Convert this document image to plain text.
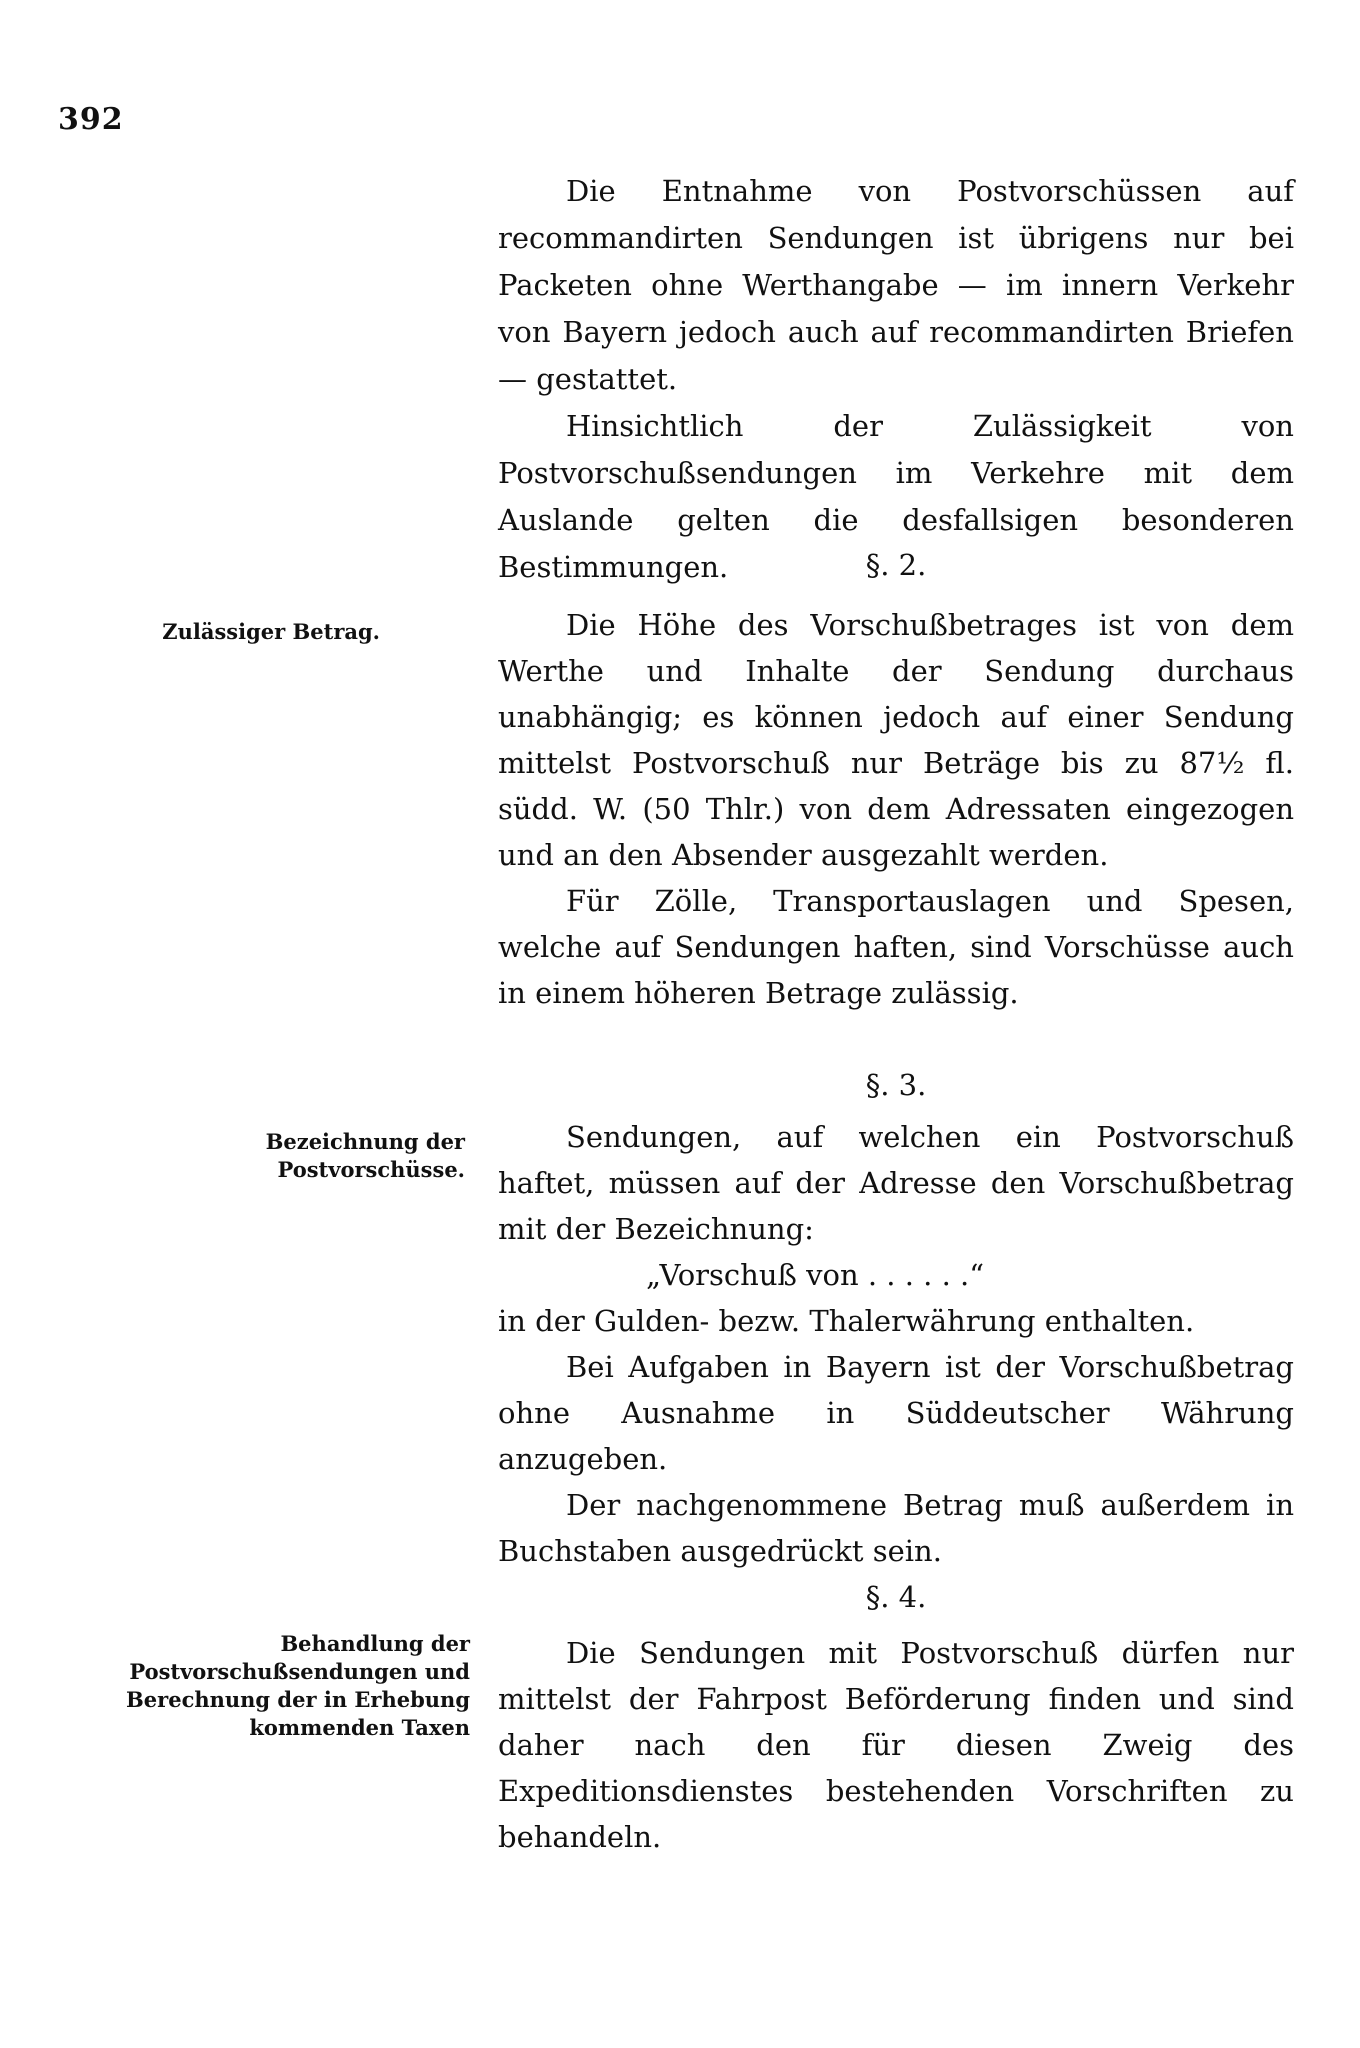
392

Die Entnahme von Postvorschüssen auf recommandirten Sendungen ist übrigens nur bei Packeten ohne Werthangabe — im innern Verkehr von Bayern jedoch auch auf recommandirten Briefen — gestattet.

Hinsichtlich der Zulässigkeit von Postvorschußsendungen im Verkehre mit dem Auslande gelten die desfallsigen besonderen Bestimmungen.	§. 2.
Zulässiger Betrag.	Die Höhe des Vorschußbetrages ist von dem Werthe und Inhalte der Sendung durchaus unabhängig; es können jedoch auf einer Sendung mittelst Postvorschuß nur Beträge bis zu 87½ fl. südd. W. (50 Thlr.) von dem Adressaten eingezogen und an den Absender ausgezahlt werden.

Für Zölle, Transportauslagen und Spesen, welche auf Sendungen haften, sind Vorschüsse auch in einem höheren Betrage zulässig.

§. 3.
Bezeichnung der Postvorschüsse.

Sendungen, auf welchen ein Postvorschuß haftet, müssen auf der Adresse den Vorschußbetrag mit der Bezeichnung:

„Vorschuß von . . . . . .“

in der Gulden- bezw. Thalerwährung enthalten.

Bei Aufgaben in Bayern ist der Vorschußbetrag ohne Ausnahme in Süddeutscher Währung anzugeben.

Der nachgenommene Betrag muß außerdem in Buchstaben ausgedrückt sein.

§. 4.
Behandlung der Postvorschußsendungen und Berechnung der in Erhebung kommenden Taxen

Die Sendungen mit Postvorschuß dürfen nur mittelst der Fahrpost Beförderung finden und sind daher nach den für diesen Zweig des Expeditionsdienstes bestehenden Vorschriften zu behandeln.
